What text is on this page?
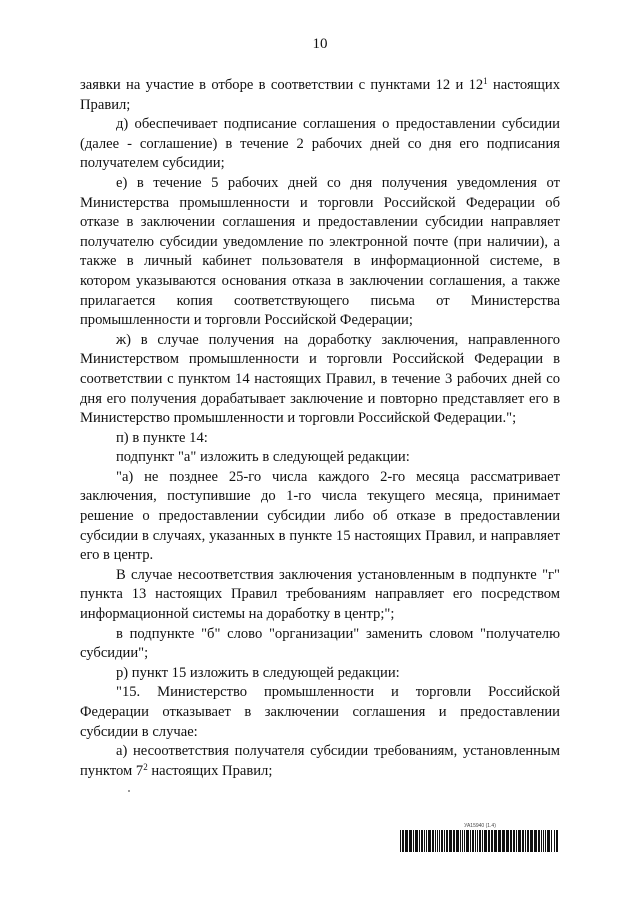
10

заявки на участие в отборе в соответствии с пунктами 12 и $12^1$ настоящих Правил;

д) обеспечивает подписание соглашения о предоставлении субсидии (далее - соглашение) в течение 2 рабочих дней со дня его подписания получателем субсидии;

е) в течение 5 рабочих дней со дня получения уведомления от Министерства промышленности и торговли Российской Федерации об отказе в заключении соглашения и предоставлении субсидии направляет получателю субсидии уведомление по электронной почте (при наличии), а также в личный кабинет пользователя в информационной системе, в котором указываются основания отказа в заключении соглашения, а также прилагается копия соответствующего письма от Министерства промышленности и торговли Российской Федерации;

ж) в случае получения на доработку заключения, направленного Министерством промышленности и торговли Российской Федерации в соответствии с пунктом 14 настоящих Правил, в течение 3 рабочих дней со дня его получения дорабатывает заключение и повторно представляет его в Министерство промышленности и торговли Российской Федерации.";

п) в пункте 14:

подпункт "а" изложить в следующей редакции:

"а) не позднее 25-го числа каждого 2-го месяца рассматривает заключения, поступившие до 1-го числа текущего месяца, принимает решение о предоставлении субсидии либо об отказе в предоставлении субсидии в случаях, указанных в пункте 15 настоящих Правил, и направляет его в центр.

В случае несоответствия заключения установленным в подпункте "г" пункта 13 настоящих Правил требованиям направляет его посредством информационной системы на доработку в центр;";

в подпункте "б" слово "организации" заменить словом "получателю субсидии";

р) пункт 15 изложить в следующей редакции:

"15. Министерство промышленности и торговли Российской Федерации отказывает в заключении соглашения и предоставлении субсидии в случае:

а) несоответствия получателя субсидии требованиям, установленным пунктом $7^2$ настоящих Правил;

УА15940 (1.4)
